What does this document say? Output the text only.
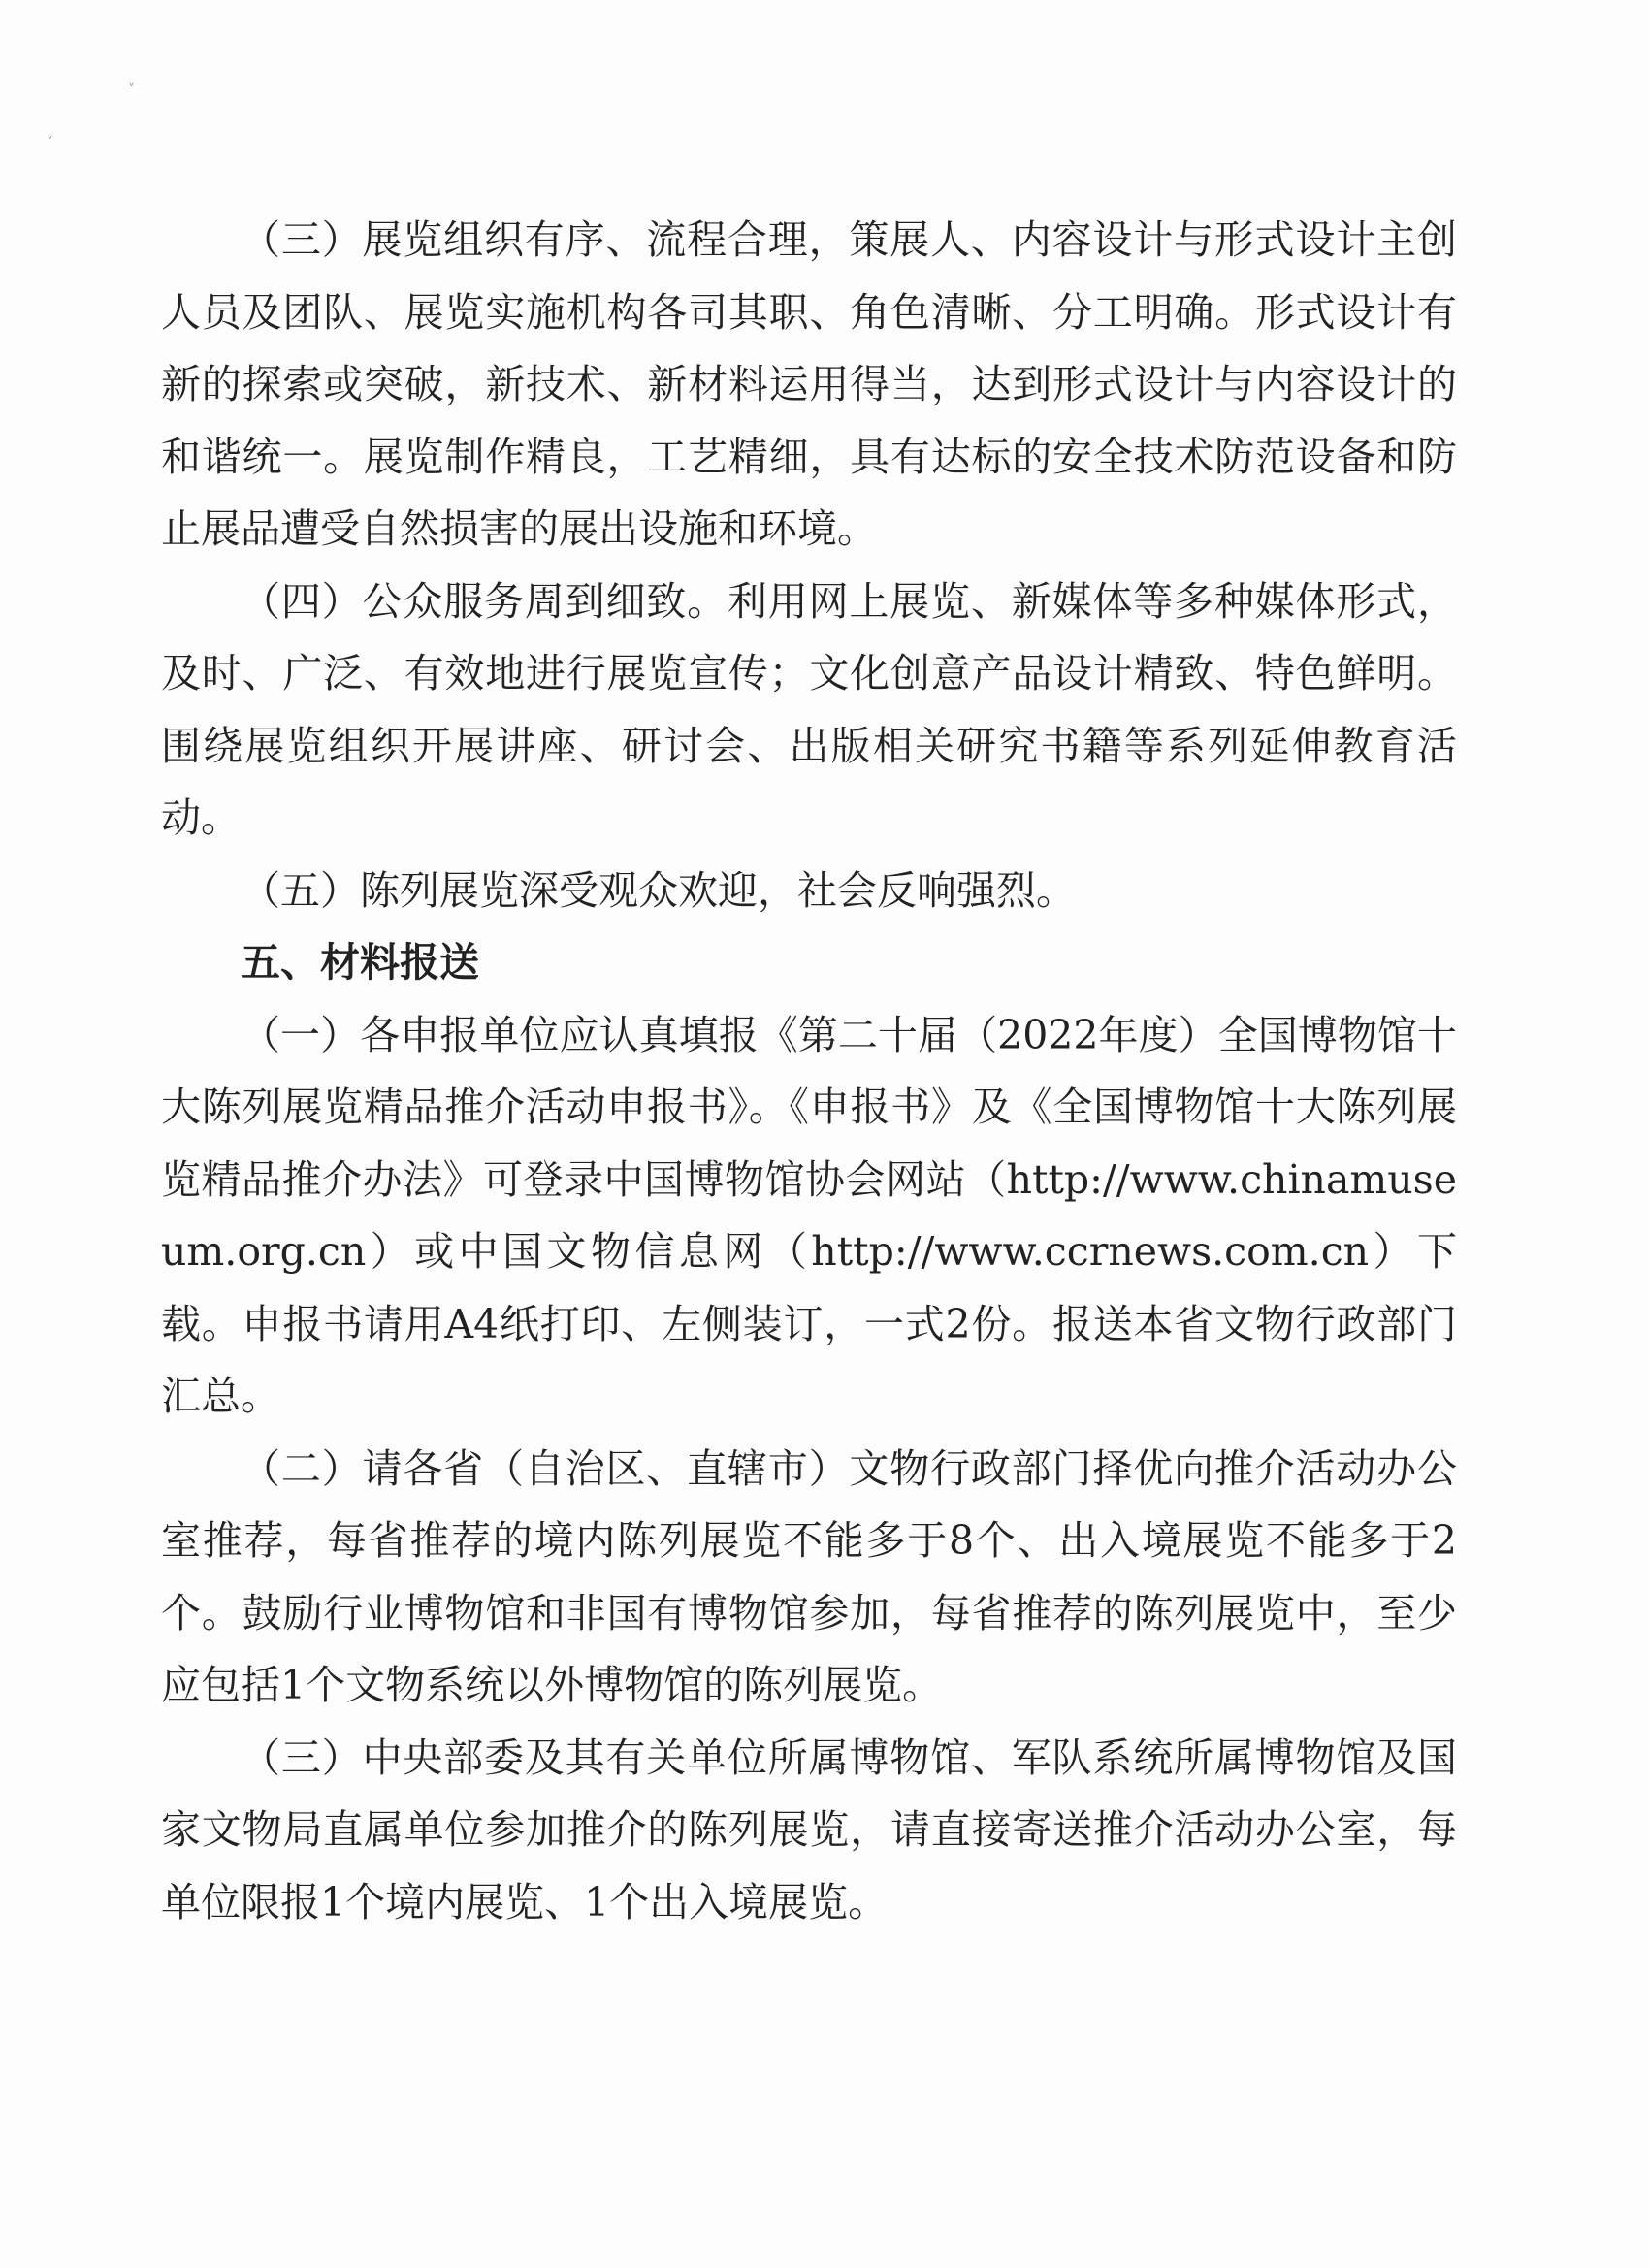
˅
˅

（三）展览组织有序、流程合理，策展人、内容设计与形式设计主创人员及团队、展览实施机构各司其职、角色清晰、分工明确。形式设计有新的探索或突破，新技术、新材料运用得当，达到形式设计与内容设计的和谐统一。展览制作精良，工艺精细，具有达标的安全技术防范设备和防止展品遭受自然损害的展出设施和环境。

（四）公众服务周到细致。利用网上展览、新媒体等多种媒体形式，及时、广泛、有效地进行展览宣传；文化创意产品设计精致、特色鲜明。围绕展览组织开展讲座、研讨会、出版相关研究书籍等系列延伸教育活动。

（五）陈列展览深受观众欢迎，社会反响强烈。

五、材料报送

（一）各申报单位应认真填报《第二十届（2022年度）全国博物馆十大陈列展览精品推介活动申报书》。《申报书》及《全国博物馆十大陈列展览精品推介办法》可登录中国博物馆协会网站（http://www.chinamuseum.org.cn）或中国文物信息网（http://www.ccrnews.com.cn）下载。申报书请用A4纸打印、左侧装订，一式2份。报送本省文物行政部门汇总。

（二）请各省（自治区、直辖市）文物行政部门择优向推介活动办公室推荐，每省推荐的境内陈列展览不能多于8个、出入境展览不能多于2个。鼓励行业博物馆和非国有博物馆参加，每省推荐的陈列展览中，至少应包括1个文物系统以外博物馆的陈列展览。

（三）中央部委及其有关单位所属博物馆、军队系统所属博物馆及国家文物局直属单位参加推介的陈列展览，请直接寄送推介活动办公室，每单位限报1个境内展览、1个出入境展览。
